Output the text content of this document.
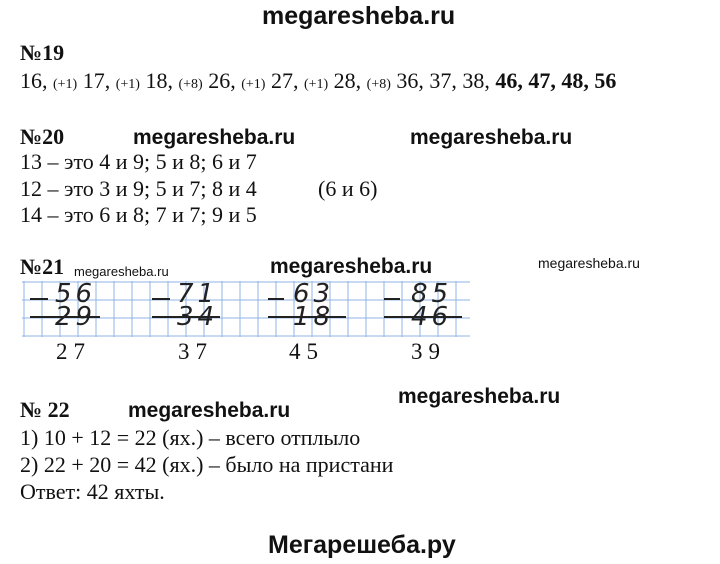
megaresheba.ru
№19
16, (+1) 17, (+1) 18, (+8) 26, (+1) 27, (+1) 28, (+8) 36, 37, 38, 46, 47, 48, 56
№20	megaresheba.ru	megaresheba.ru
13 – это 4 и 9; 5 и 8; 6 и 7
12 – это 3 и 9; 5 и 7; 8 и 4	(6 и 6)
14 – это 6 и 8; 7 и 7; 9 и 5
№21 megaresheba.ru	megaresheba.ru	megaresheba.ru
56
29
27
71
34
37
63
18
45
85
46
39
№ 22
megaresheba.ru
megaresheba.ru
1) 10 + 12 = 22 (ях.) – всего отплыло
2) 22 + 20 = 42 (ях.) – было на пристани
Ответ: 42 яхты.
Мегарешеба.ру
